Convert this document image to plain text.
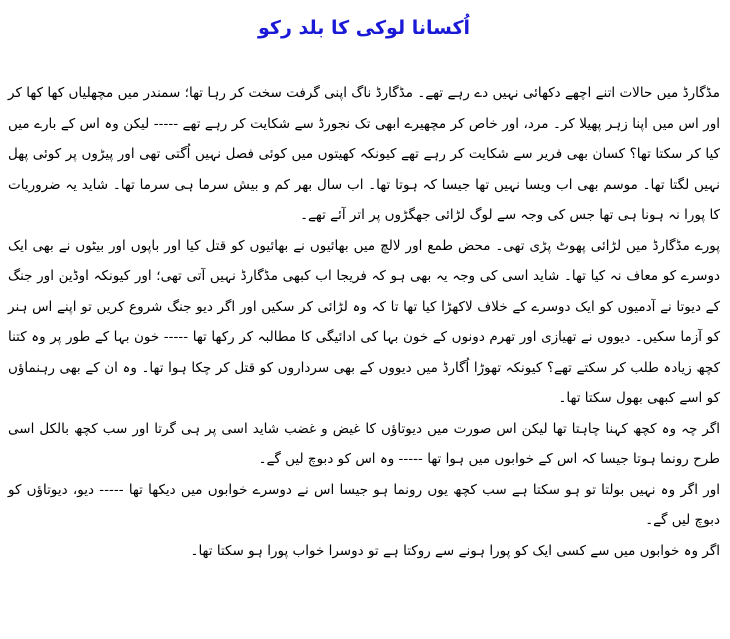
اُکسانا لوکی کا بلد رکو

مڈگارڈ میں حالات اتنے اچھے دکھائی نہیں دے رہے تھے۔ مڈگارڈ ناگ اپنی گرفت سخت کر رہا تھا؛ سمندر میں مچھلیاں کھا کھا کر اور اس میں اپنا زہر پھیلا کر۔ مرد، اور خاص کر مچھیرے ابھی تک نجورڈ سے شکایت کر رہے تھے ----- لیکن وہ اس کے بارے میں کیا کر سکتا تھا؟ کسان بھی فریر سے شکایت کر رہے تھے کیونکہ کھیتوں میں کوئی فصل نہیں اُگتی تھی اور پیڑوں پر کوئی پھل نہیں لگتا تھا۔ موسم بھی اب ویسا نہیں تھا جیسا کہ ہوتا تھا۔ اب سال بھر کم و بیش سرما ہی سرما تھا۔ شاید یہ ضروریات کا پورا نہ ہونا ہی تھا جس کی وجہ سے لوگ لڑائی جھگڑوں پر اتر آئے تھے۔

پورے مڈگارڈ میں لڑائی پھوٹ پڑی تھی۔ محض طمع اور لالچ میں بھائیوں نے بھائیوں کو قتل کیا اور باپوں اور بیٹوں نے بھی ایک دوسرے کو معاف نہ کیا تھا۔ شاید اسی کی وجہ یہ بھی ہو کہ فریجا اب کبھی مڈگارڈ نہیں آتی تھی؛ اور کیونکہ اوڈین اور جنگ کے دیوتا نے آدمیوں کو ایک دوسرے کے خلاف لاکھڑا کیا تھا تا کہ وہ لڑائی کر سکیں اور اگر دیو جنگ شروع کریں تو اپنے اس ہنر کو آزما سکیں۔ دیووں نے تھیازی اور تھرم دونوں کے خون بہا کی ادائیگی کا مطالبہ کر رکھا تھا ----- خون بہا کے طور پر وہ کتنا کچھ زیادہ طلب کر سکتے تھے؟ کیونکہ تھوڑا اُگارڈ میں دیووں کے بھی سرداروں کو قتل کر چکا ہوا تھا۔ وہ ان کے بھی رہنماؤں کو اسے کبھی بھول سکتا تھا۔

اگر چہ وہ کچھ کہنا چاہتا تھا لیکن اس صورت میں دیوتاؤں کا غیض و غضب شاید اسی پر ہی گرتا اور سب کچھ بالکل اسی طرح رونما ہوتا جیسا کہ اس کے خوابوں میں ہوا تھا ----- وہ اس کو دبوچ لیں گے۔

اور اگر وہ نہیں بولتا تو ہو سکتا ہے سب کچھ یوں رونما ہو جیسا اس نے دوسرے خوابوں میں دیکھا تھا ----- دیو، دیوتاؤں کو دبوچ لیں گے۔

اگر وہ خوابوں میں سے کسی ایک کو پورا ہونے سے روکتا ہے تو دوسرا خواب پورا ہو سکتا تھا۔
